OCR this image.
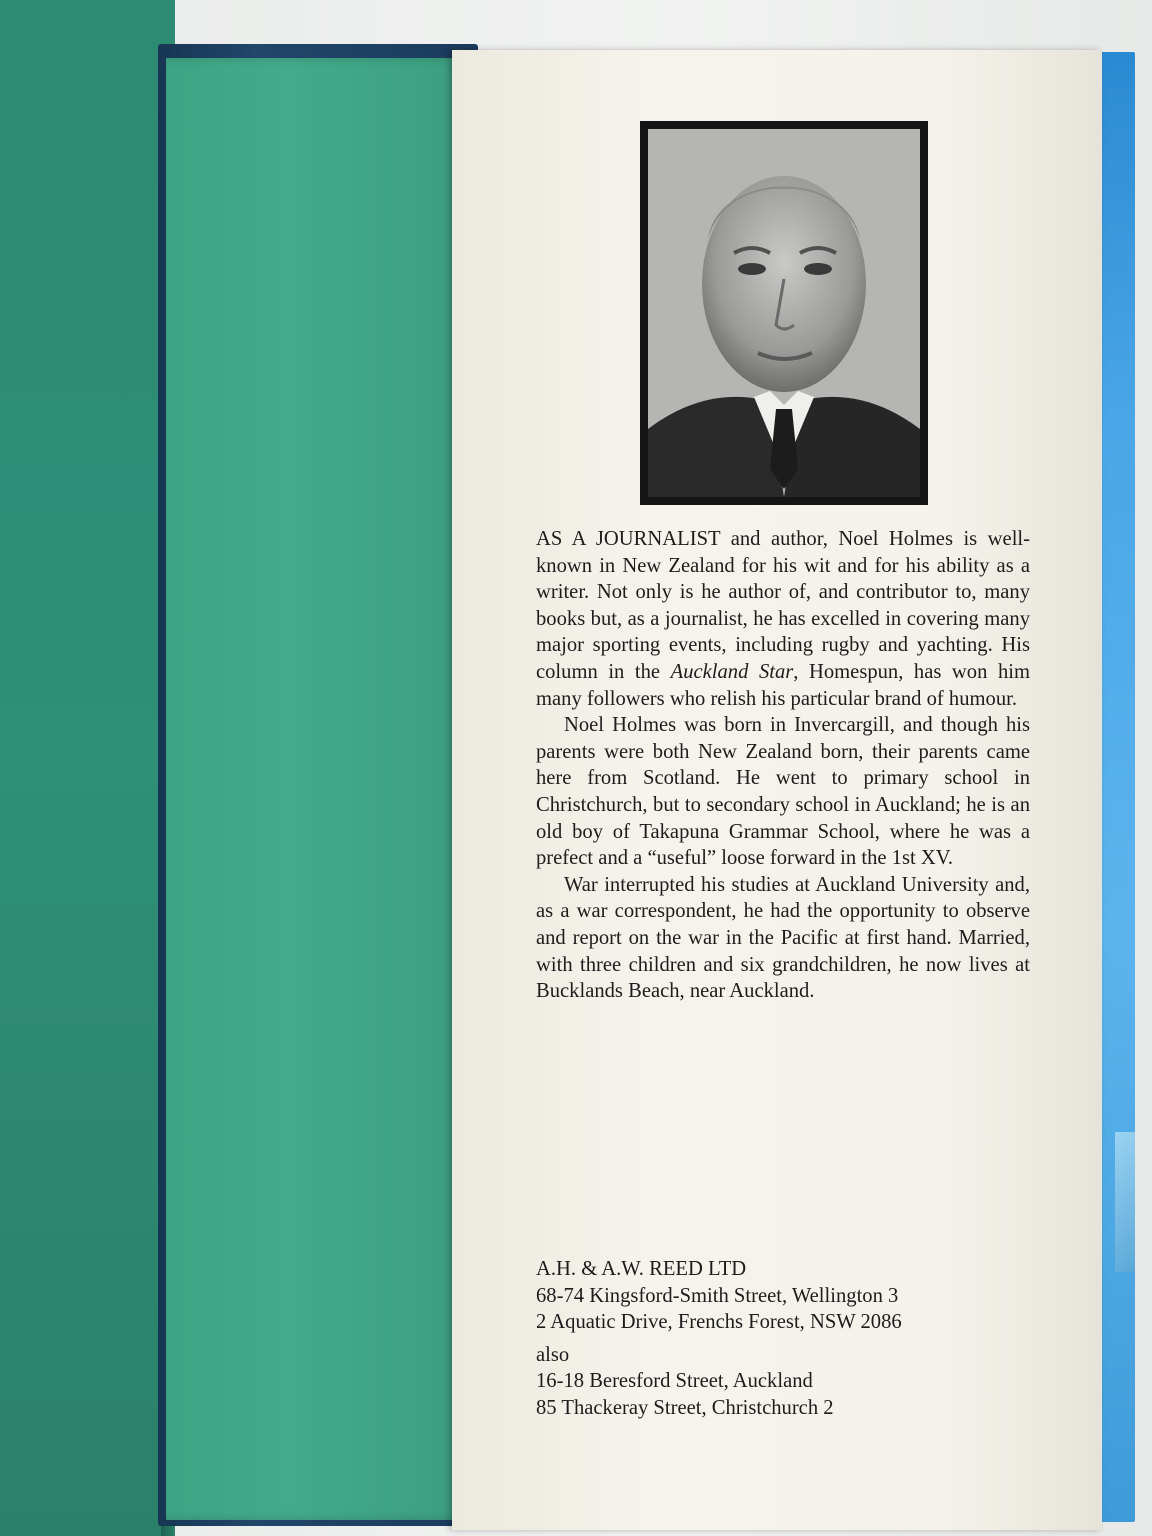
AS A JOURNALIST and author, Noel Holmes is well-known in New Zealand for his wit and for his ability as a writer. Not only is he author of, and contributor to, many books but, as a journalist, he has excelled in covering many major sporting events, including rugby and yachting. His column in the Auckland Star, Homespun, has won him many followers who relish his particular brand of humour.

Noel Holmes was born in Invercargill, and though his parents were both New Zealand born, their parents came here from Scotland. He went to primary school in Christchurch, but to secondary school in Auckland; he is an old boy of Takapuna Grammar School, where he was a prefect and a “useful” loose forward in the 1st XV.

War interrupted his studies at Auckland University and, as a war correspondent, he had the opportunity to observe and report on the war in the Pacific at first hand. Married, with three children and six grandchildren, he now lives at Bucklands Beach, near Auckland.

A.H. & A.W. REED LTD
68-74 Kingsford-Smith Street, Wellington 3
2 Aquatic Drive, Frenchs Forest, NSW 2086
also
16-18 Beresford Street, Auckland
85 Thackeray Street, Christchurch 2
